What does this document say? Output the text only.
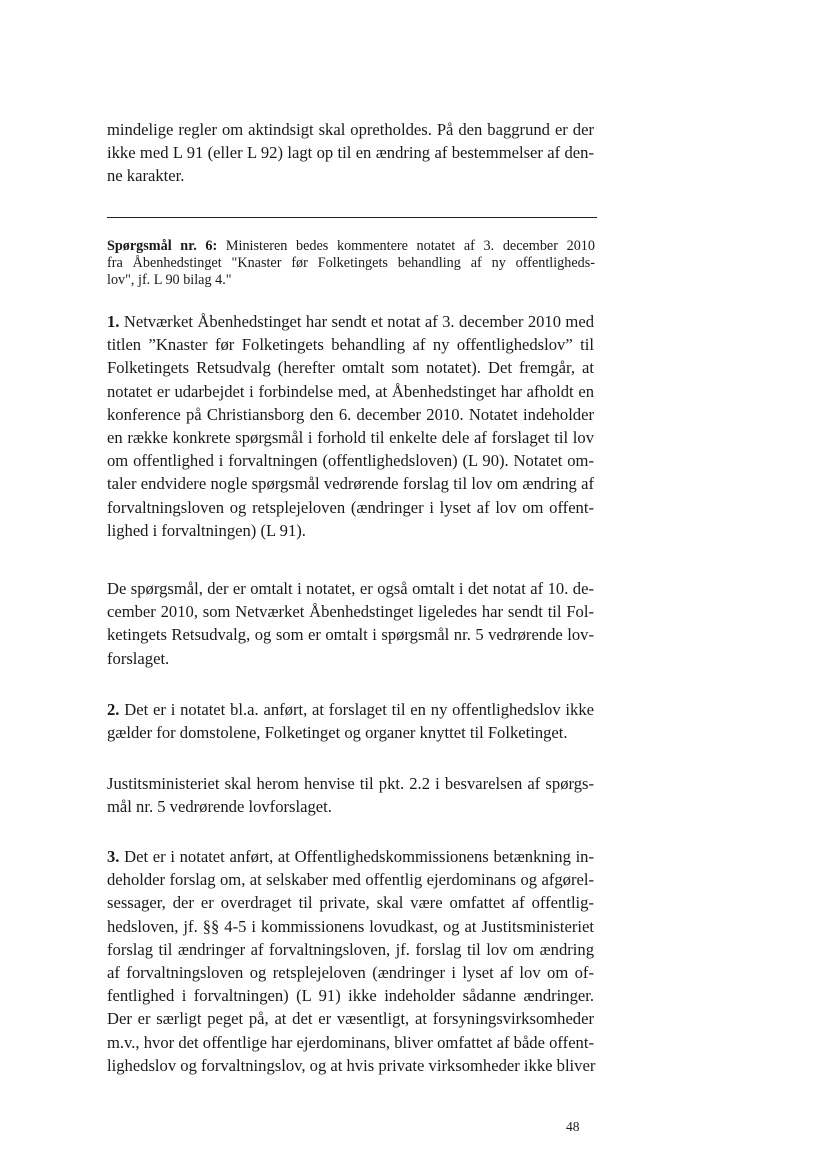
mindelige regler om aktindsigt skal opretholdes. På den baggrund er der
ikke med L 91 (eller L 92) lagt op til en ændring af bestemmelser af den-
ne karakter.

Spørgsmål nr. 6: Ministeren bedes kommentere notatet af 3. december 2010
fra Åbenhedstinget "Knaster før Folketingets behandling af ny offentligheds-
lov", jf. L 90 bilag 4."

1. Netværket Åbenhedstinget har sendt et notat af 3. december 2010 med
titlen ”Knaster før Folketingets behandling af ny offentlighedslov” til
Folketingets Retsudvalg (herefter omtalt som notatet). Det fremgår, at
notatet er udarbejdet i forbindelse med, at Åbenhedstinget har afholdt en
konference på Christiansborg den 6. december 2010. Notatet indeholder
en række konkrete spørgsmål i forhold til enkelte dele af forslaget til lov
om offentlighed i forvaltningen (offentlighedsloven) (L 90). Notatet om-
taler endvidere nogle spørgsmål vedrørende forslag til lov om ændring af
forvaltningsloven og retsplejeloven (ændringer i lyset af lov om offent-
lighed i forvaltningen) (L 91).

De spørgsmål, der er omtalt i notatet, er også omtalt i det notat af 10. de-
cember 2010, som Netværket Åbenhedstinget ligeledes har sendt til Fol-
ketingets Retsudvalg, og som er omtalt i spørgsmål nr. 5 vedrørende lov-
forslaget.

2. Det er i notatet bl.a. anført, at forslaget til en ny offentlighedslov ikke
gælder for domstolene, Folketinget og organer knyttet til Folketinget.

Justitsministeriet skal herom henvise til pkt. 2.2 i besvarelsen af spørgs-
mål nr. 5 vedrørende lovforslaget.

3. Det er i notatet anført, at Offentlighedskommissionens betænkning in-
deholder forslag om, at selskaber med offentlig ejerdominans og afgørel-
sessager, der er overdraget til private, skal være omfattet af offentlig-
hedsloven, jf. §§ 4-5 i kommissionens lovudkast, og at Justitsministeriet
forslag til ændringer af forvaltningsloven, jf. forslag til lov om ændring
af forvaltningsloven og retsplejeloven (ændringer i lyset af lov om of-
fentlighed i forvaltningen) (L 91) ikke indeholder sådanne ændringer.
Der er særligt peget på, at det er væsentligt, at forsyningsvirksomheder
m.v., hvor det offentlige har ejerdominans, bliver omfattet af både offent-
lighedslov og forvaltningslov, og at hvis private virksomheder ikke bliver

48
